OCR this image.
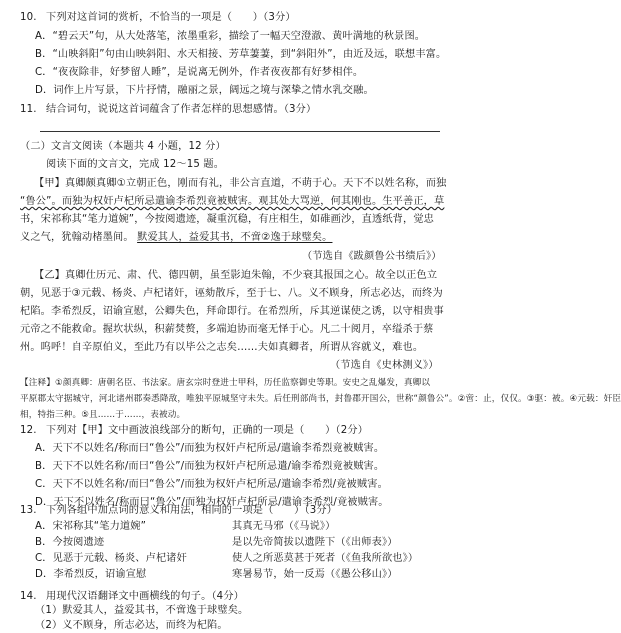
10. 下列对这首词的赏析，不恰当的一项是（　　）（3分）
A．“碧云天”句，从大处落笔，浓墨重彩，描绘了一幅天空澄澈、黄叶满地的秋景图。
B．“山映斜阳”句由山映斜阳、水天相接、芳草萋萋，到“斜阳外”，由近及远，联想丰富。
C．“夜夜除非，好梦留人睡”，是说离无例外，作者夜夜都有好梦相伴。
D．词作上片写景，下片抒情，融丽之景，阔远之境与深挚之情水乳交融。
11. 结合词句，说说这首词蕴含了作者怎样的思想感情。（3分）
（二）文言文阅读（本题共 4 小题，12 分）
阅读下面的文言文，完成 12～15 题。
【甲】真卿颇真卿①立朝正色，刚而有礼，非公言直道，不萌于心。天下不以姓名称，而独
“鲁公”。而独为权奸卢杞所忌遣谕李希烈竟被贼害。观其处大骂逆，何其刚也。生平善正，草
书，宋祁称其“笔力道婉”，今按阅遗迹，凝重沉稳，有庄相生，如碓画沙，直透纸背，觉忠
义之气，犹翰动楮墨间。 默爱其人，益爱其书，不啻②逸于球璧矣。
（节选自《跋颜鲁公书绩后》）
【乙】真卿仕历元、肃、代、德四朝，虽至影迫朱翰，不少衰其报国之心。故全以正色立
朝，见恶于③元载、杨炎、卢杞诸奸，诬劾散斥，至于七、八。义不顾身，所志必达，而终为
杞陷。李希烈反，诏谕宣慰，公卿失色，拜命即行。在希烈所，斥其逆谋使之诱，以守相贵事
元帝之不能救命。握坎状纵，积薪焚赘，多端迫协而毫无怿于心。凡二十阅月，卒缢杀于蔡
州。呜呼！自辛原伯义，至此乃有以毕公之志矣……夫如真卿者，所谓从容就义，难也。
（节选自《史林测义》）
【注释】①颜真卿：唐朝名臣、书法家。唐玄宗时登进士甲科，历任监察御史等职。安史之乱爆发，真卿以
平原郡太守据城守，河北诸州郡奏悉降敌，唯独平原城坚守未失。后任刑部尚书，封鲁郡开国公，世称“颜鲁公”。②啻：止，仅仅。③驱：被。④元载：奸臣
相，特指三种。⑤且……于……，表被动。
12. 下列对【甲】文中画波浪线部分的断句，正确的一项是（　　）（2分）
A．天下不以姓名/称而曰“鲁公”/而独为权奸卢杞所忌/遣谕李希烈竟被贼害。
B．天下不以姓名称/而曰“鲁公”/而独为权奸卢杞所忌遣/谕李希烈竟被贼害。
C．天下不以姓名称/而曰“鲁公”/而独为权奸卢杞所忌/遣谕李希烈/竟被贼害。
D．天下不以姓名/称而曰“鲁公”/而独为权奸卢杞所忌/遣谕李希烈/竟被贼害。
13. 下列各组中加点词的意义和用法，相同的一项是（　　）（3分）
A．宋祁称其“笔力道婉”	其真无马邪（《马说》）
B．今按阅遗迹	是以先帝简拔以遗陛下（《出师表》）
C．见恶于元载、杨炎、卢杞诸奸	使人之所恶莫甚于死者（《鱼我所欲也》）
D．李希烈反，诏谕宣慰	寒暑易节，始一反焉（《愚公移山》）
14. 用现代汉语翻译文中画横线的句子。（4分）
（1）默爱其人，益爱其书，不啻逸于球璧矣。
（2）义不顾身，所志必达，而终为杞陷。
